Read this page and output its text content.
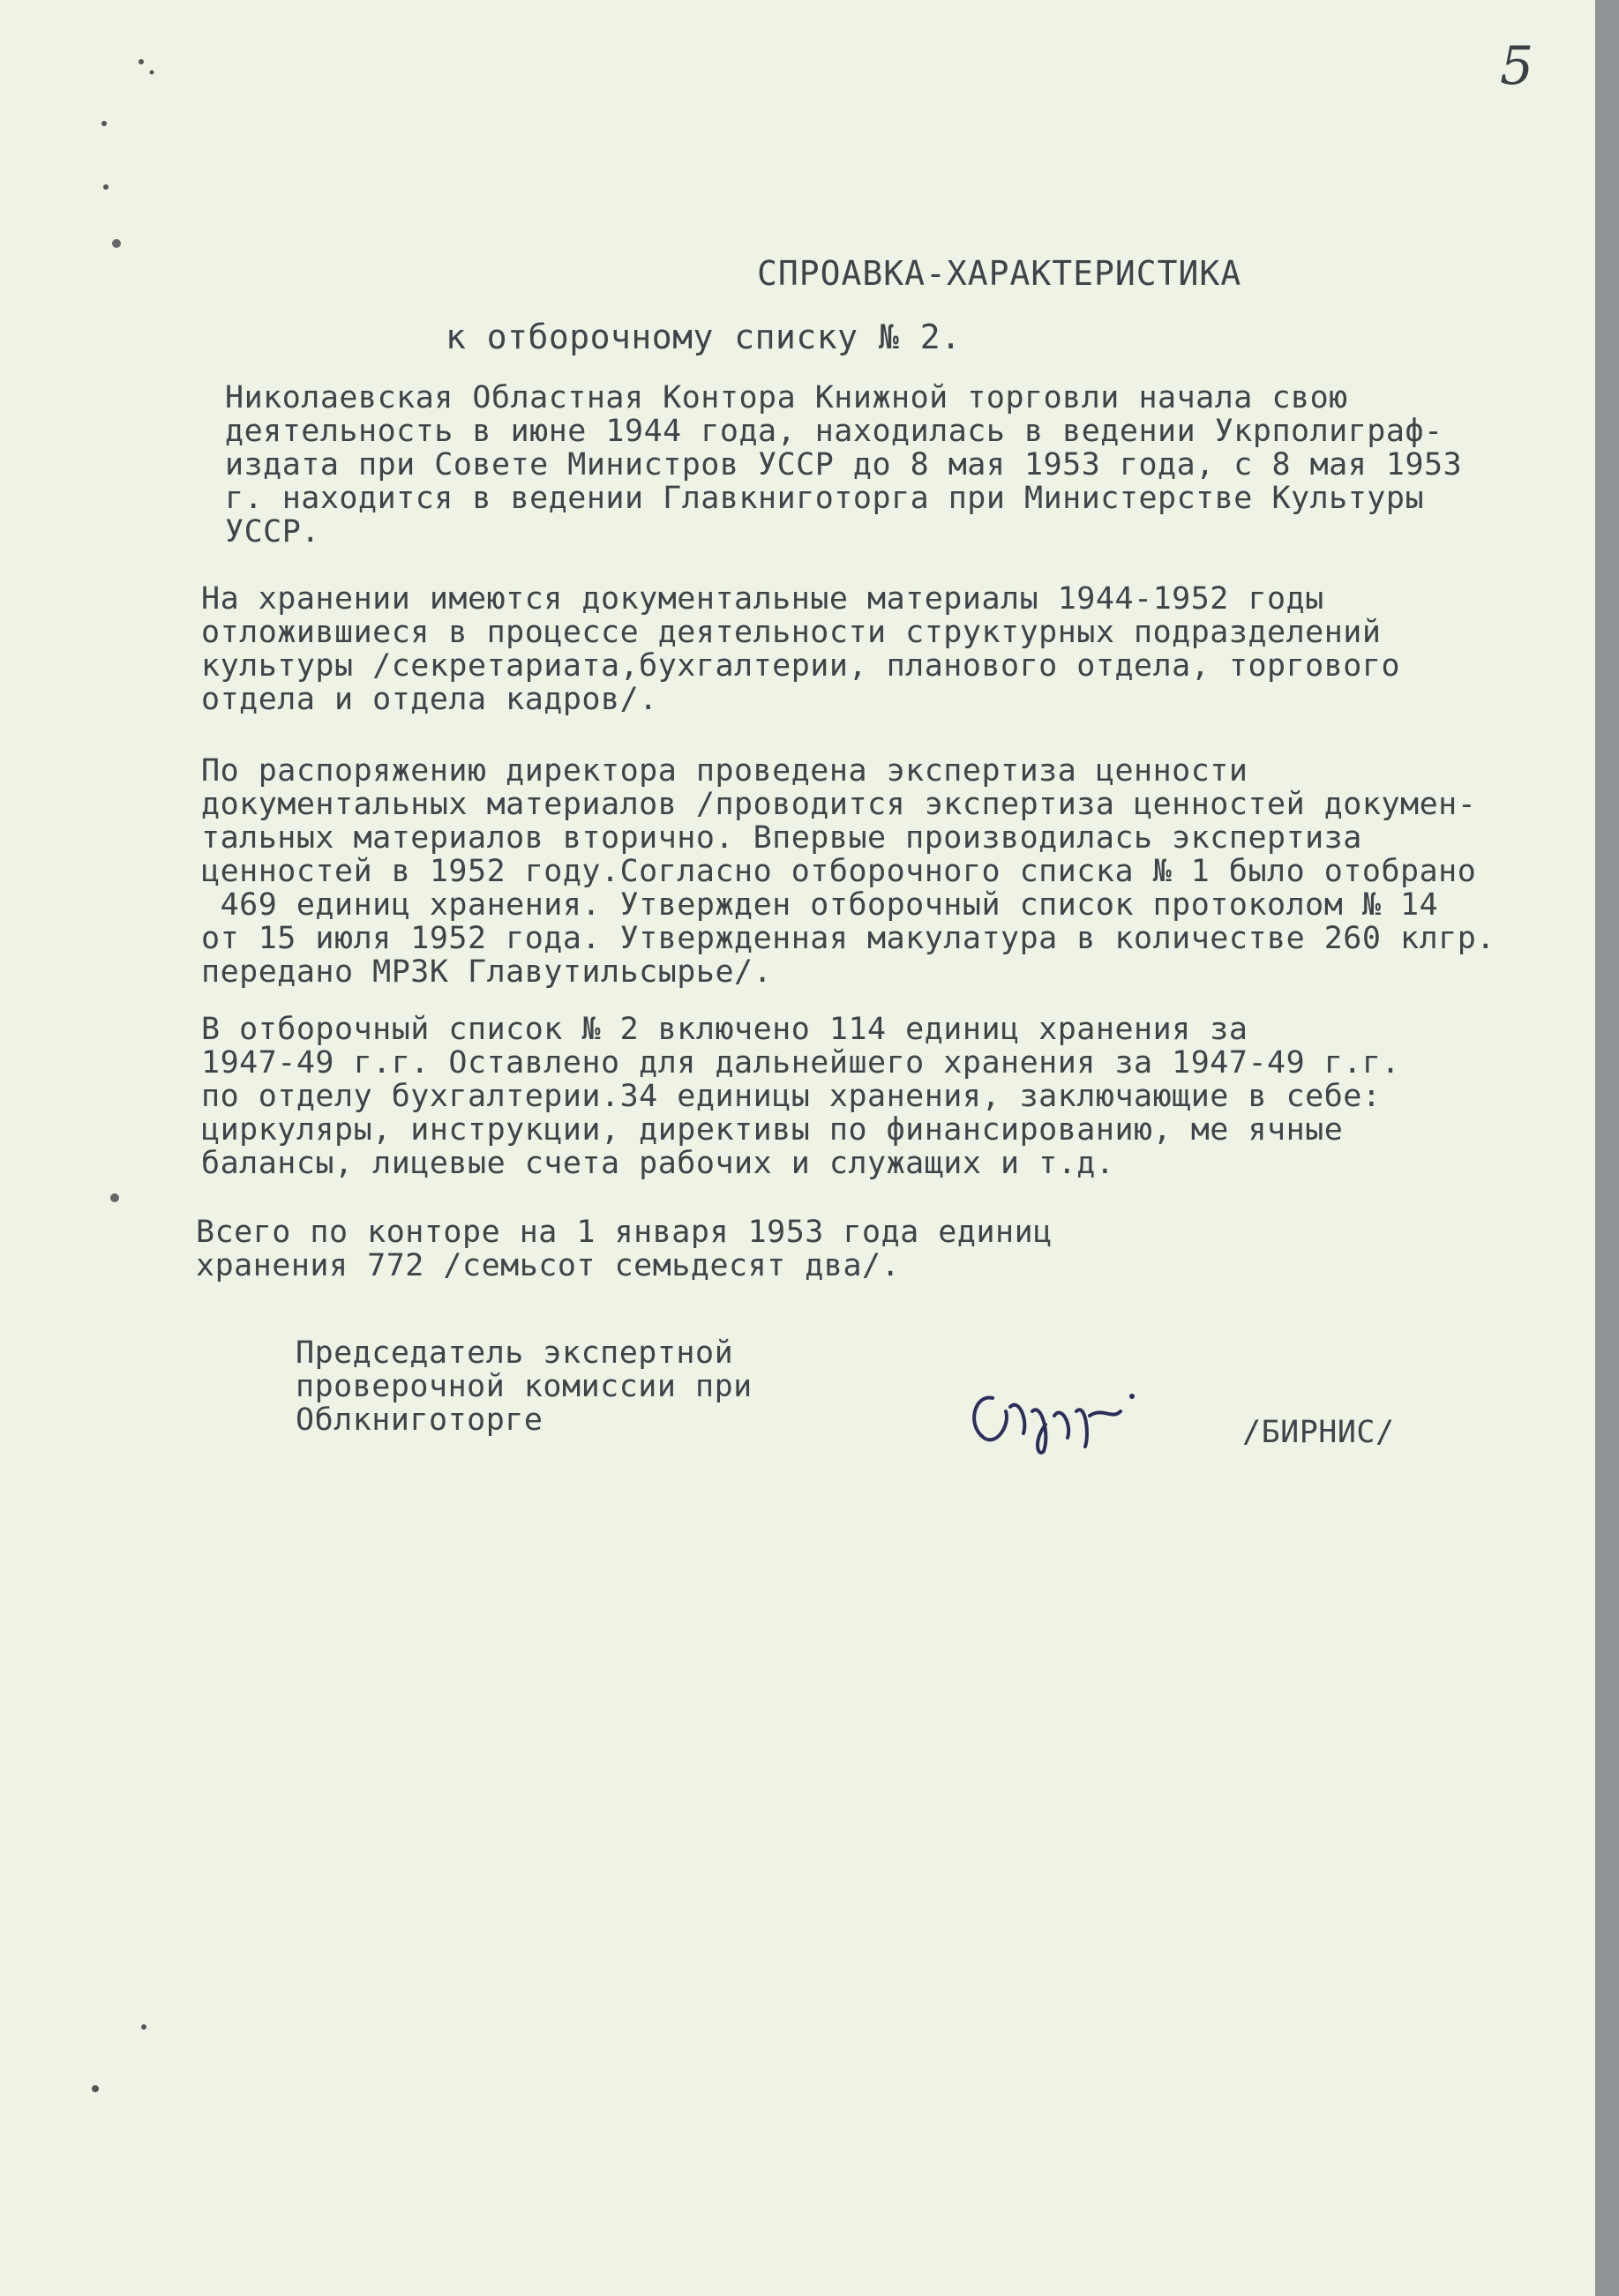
5
СПРОАВКА-ХАРАКТЕРИСТИКА
к отборочному списку № 2.
Николаевская Областная Контора Книжной торговли начала свою
деятельность в июне 1944 года, находилась в ведении Укрполиграф-
издата при Совете Министров УССР до 8 мая 1953 года, с 8 мая 1953
г. находится в ведении Главкниготорга при Министерстве Культуры
УССР.
На хранении имеются документальные материалы 1944-1952 годы
отложившиеся в процессе деятельности структурных подразделений
культуры /секретариата,бухгалтерии, планового отдела, торгового
отдела и отдела кадров/.
По распоряжению директора проведена экспертиза ценности
документальных материалов /проводится экспертиза ценностей докумен-
тальных материалов вторично. Впервые производилась экспертиза
ценностей в 1952 году.Согласно отборочного списка № 1 было отобрано
469 единиц хранения. Утвержден отборочный список протоколом № 14
от 15 июля 1952 года. Утвержденная макулатура в количестве 260 клгр.
передано МРЗК Главутильсырье/.
В отборочный список № 2 включено 114 единиц хранения за
1947-49 г.г. Оставлено для дальнейшего хранения за 1947-49 г.г.
по отделу бухгалтерии.34 единицы хранения, заключающие в себе:
циркуляры, инструкции, директивы по финансированию, ме ячные
балансы, лицевые счета рабочих и служащих и т.д.
Всего по конторе на 1 января 1953 года единиц
хранения 772 /семьсот семьдесят два/.
Председатель экспертной
проверочной комиссии при
Облкниготорге	/БИРНИС/
